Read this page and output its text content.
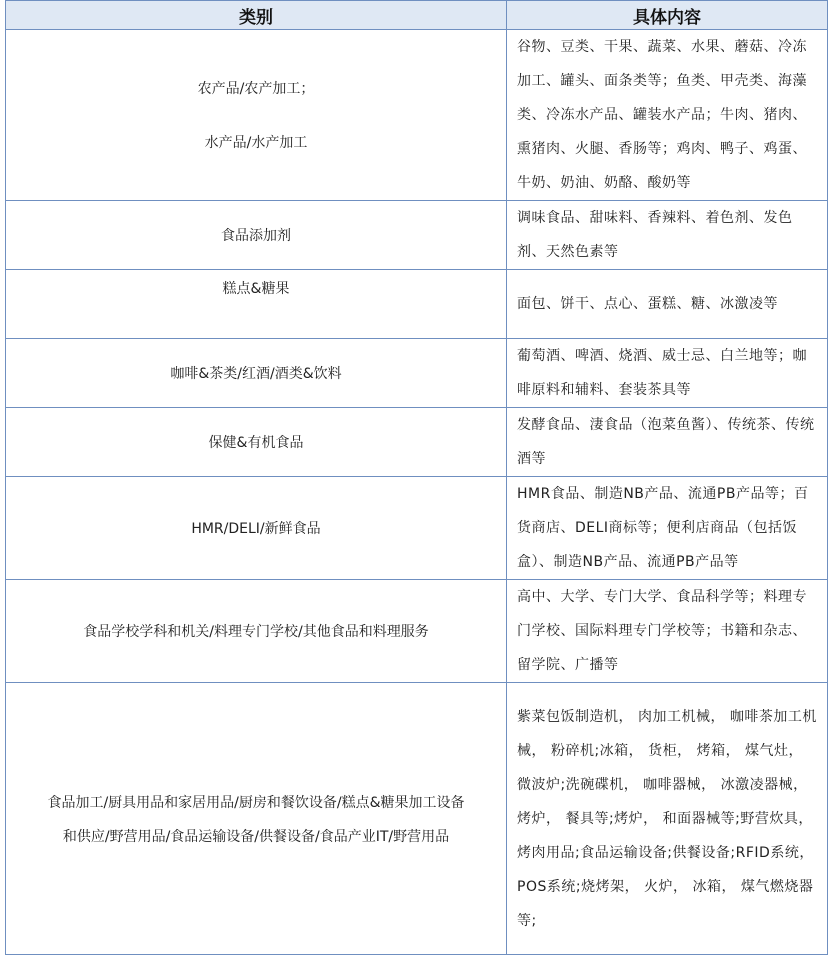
类别	具体内容

农产品/农产加工；
水产品/水产加工	谷物、豆类、干果、蔬菜、水果、蘑菇、冷冻加工、罐头、面条类等；鱼类、甲壳类、海藻类、冷冻水产品、罐装水产品；牛肉、猪肉、熏猪肉、火腿、香肠等；鸡肉、鸭子、鸡蛋、牛奶、奶油、奶酪、酸奶等
食品添加剂	调味食品、甜味料、香辣料、着色剂、发色剂、天然色素等
糕点&糖果	面包、饼干、点心、蛋糕、糖、冰激凌等
咖啡&茶类/红酒/酒类&饮料	葡萄酒、啤酒、烧酒、威士忌、白兰地等；咖啡原料和辅料、套装茶具等
保健&有机食品	发酵食品、淒食品（泡菜鱼酱）、传统茶、传统酒等
HMR/DELI/新鲜食品	HMR食品、制造NB产品、流通PB产品等；百货商店、DELI商标等；便利店商品（包括饭盒）、制造NB产品、流通PB产品等
食品学校学科和机关/料理专门学校/其他食品和料理服务	高中、大学、专门大学、食品科学等；料理专门学校、国际料理专门学校等；书籍和杂志、留学院、广播等

食品加工/厨具用品和家居用品/厨房和餐饮设备/糕点&糖果加工设备
和供应/野营用品/食品运输设备/供餐设备/食品产业IT/野营用品	紫菜包饭制造机， 肉加工机械， 咖啡茶加工机械， 粉碎机;冰箱， 货柜， 烤箱， 煤气灶， 微波炉;洗碗碟机， 咖啡器械， 冰激凌器械， 烤炉， 餐具等;烤炉， 和面器械等;野营炊具， 烤肉用品;食品运输设备;供餐设备;RFID系统， POS系统;烧烤架， 火炉， 冰箱， 煤气燃烧器等;
